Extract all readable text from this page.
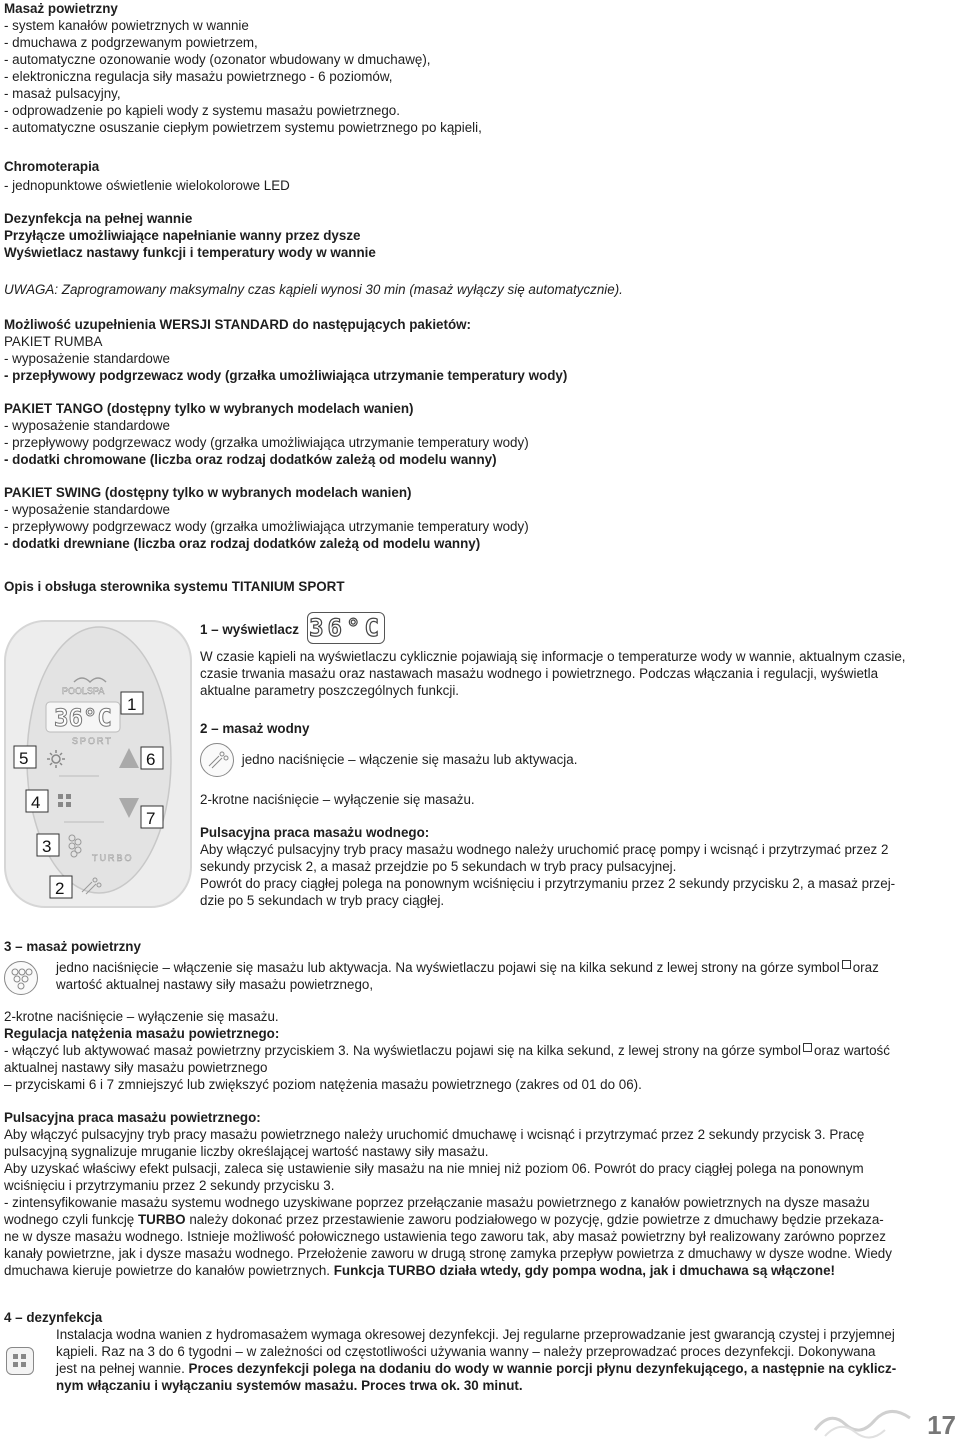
Masaż powietrzny
- system kanałów powietrznych w wannie
- dmuchawa z podgrzewanym powietrzem,
- automatyczne ozonowanie wody (ozonator wbudowany w dmuchawę),
- elektroniczna regulacja siły masażu powietrznego - 6 poziomów,
- masaż pulsacyjny,
- odprowadzenie po kąpieli wody z systemu masażu powietrznego.
- automatyczne osuszanie ciepłym powietrzem systemu powietrznego po kąpieli,
Chromoterapia
- jednopunktowe oświetlenie wielokolorowe LED
Dezynfekcja na pełnej wannie
Przyłącze umożliwiające napełnianie wanny przez dysze
Wyświetlacz nastawy funkcji i temperatury wody w wannie
UWAGA: Zaprogramowany maksymalny czas kąpieli wynosi 30 min (masaż wyłączy się automatycznie).
Możliwość uzupełnienia WERSJI STANDARD do następujących pakietów:
PAKIET RUMBA
- wyposażenie standardowe
- przepływowy podgrzewacz wody (grzałka umożliwiająca utrzymanie temperatury wody)
PAKIET TANGO (dostępny tylko w wybranych modelach wanien)
- wyposażenie standardowe
- przepływowy podgrzewacz wody (grzałka umożliwiająca utrzymanie temperatury wody)
- dodatki chromowane (liczba oraz rodzaj dodatków zależą od modelu wanny)
PAKIET SWING (dostępny tylko w wybranych modelach wanien)
- wyposażenie standardowe
- przepływowy podgrzewacz wody (grzałka umożliwiająca utrzymanie temperatury wody)
- dodatki drewniane (liczba oraz rodzaj dodatków zależą od modelu wanny)
Opis i obsługa sterownika systemu TITANIUM SPORT
POOLSPA
36°C
SPORT
1
5	6
4
7
3
TURBO
2
1 – wyświetlacz 36°C
W czasie kąpieli na wyświetlaczu cyklicznie pojawiają się informacje o temperaturze wody w wannie, aktualnym czasie,
czasie trwania masażu oraz nastawach masażu wodnego i powietrznego. Podczas włączania i regulacji, wyświetla
aktualne parametry poszczególnych funkcji.
2 – masaż wodny
jedno naciśnięcie – włączenie się masażu lub aktywacja.
2-krotne naciśnięcie – wyłączenie się masażu.
Pulsacyjna praca masażu wodnego:
Aby włączyć pulsacyjny tryb pracy masażu wodnego należy uruchomić pracę pompy i wcisnąć i przytrzymać przez 2
sekundy przycisk 2, a masaż przejdzie po 5 sekundach w tryb pracy pulsacyjnej.
Powrót do pracy ciągłej polega na ponownym wciśnięciu i przytrzymaniu przez 2 sekundy przycisku 2, a masaż przej-
dzie po 5 sekundach w tryb pracy ciągłej.
3 – masaż powietrzny
jedno naciśnięcie – włączenie się masażu lub aktywacja. Na wyświetlaczu pojawi się na kilka sekund z lewej strony na górze symbol oraz
wartość aktualnej nastawy siły masażu powietrznego,
2-krotne naciśnięcie – wyłączenie się masażu.
Regulacja natężenia masażu powietrznego:
- włączyć lub aktywować masaż powietrzny przyciskiem 3. Na wyświetlaczu pojawi się na kilka sekund, z lewej strony na górze symbol oraz wartość
aktualnej nastawy siły masażu powietrznego
– przyciskami 6 i 7 zmniejszyć lub zwiększyć poziom natężenia masażu powietrznego (zakres od 01 do 06).
Pulsacyjna praca masażu powietrznego:
Aby włączyć pulsacyjny tryb pracy masażu powietrznego należy uruchomić dmuchawę i wcisnąć i przytrzymać przez 2 sekundy przycisk 3. Pracę
pulsacyjną sygnalizuje mruganie liczby określającej wartość nastawy siły masażu.
Aby uzyskać właściwy efekt pulsacji, zaleca się ustawienie siły masażu na nie mniej niż poziom 06. Powrót do pracy ciągłej polega na ponownym
wciśnięciu i przytrzymaniu przez 2 sekundy przycisku 3.
- zintensyfikowanie masażu systemu wodnego uzyskiwane poprzez przełączanie masażu powietrznego z kanałów powietrznych na dysze masażu
wodnego czyli funkcję TURBO należy dokonać przez przestawienie zaworu podziałowego w pozycję, gdzie powietrze z dmuchawy będzie przekaza-
ne w dysze masażu wodnego. Istnieje możliwość połowicznego ustawienia tego zaworu tak, aby masaż powietrzny był realizowany zarówno poprzez
kanały powietrzne, jak i dysze masażu wodnego. Przełożenie zaworu w drugą stronę zamyka przepływ powietrza z dmuchawy w dysze wodne. Wiedy
dmuchawa kieruje powietrze do kanałów powietrznych. Funkcja TURBO działa wtedy, gdy pompa wodna, jak i dmuchawa są włączone!
4 – dezynfekcja
Instalacja wodna wanien z hydromasażem wymaga okresowej dezynfekcji. Jej regularne przeprowadzanie jest gwarancją czystej i przyjemnej
kąpieli. Raz na 3 do 6 tygodni – w zależności od częstotliwości używania wanny – należy przeprowadzać proces dezynfekcji. Dokonywana
jest na pełnej wannie. Proces dezynfekcji polega na dodaniu do wody w wannie porcji płynu dezynfekującego, a następnie na cyklicz-
nym włączaniu i wyłączaniu systemów masażu. Proces trwa ok. 30 minut.
17
